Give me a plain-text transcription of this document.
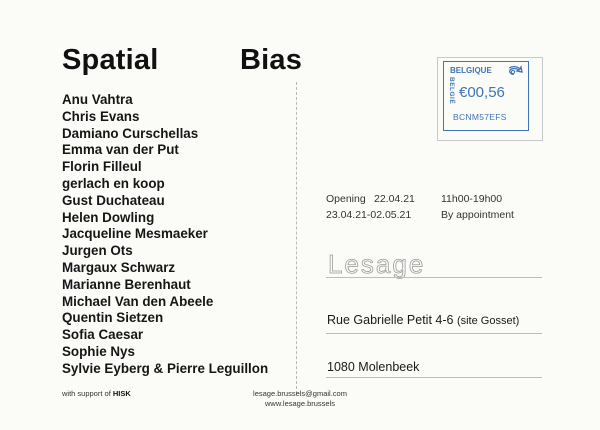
Spatial	Bias
Anu Vahtra
Chris Evans
Damiano Curschellas
Emma van der Put
Florin Filleul
gerlach en koop
Gust Duchateau
Helen Dowling
Jacqueline Mesmaeker
Jurgen Ots
Margaux Schwarz
Marianne Berenhaut
Michael Van den Abeele
Quentin Sietzen
Sofia Caesar
Sophie Nys
Sylvie Eyberg & Pierre Leguillon
with support of HISK	lesage.brussels@gmail.com
www.lesage.brussels
BELGIQUE
BELGIË €00,56
BCNM57EFS
Opening 22.04.21 11h00-19h00
23.04.21-02.05.21	By appointment
Lesage
Rue Gabrielle Petit 4-6 (site Gosset)
1080 Molenbeek
